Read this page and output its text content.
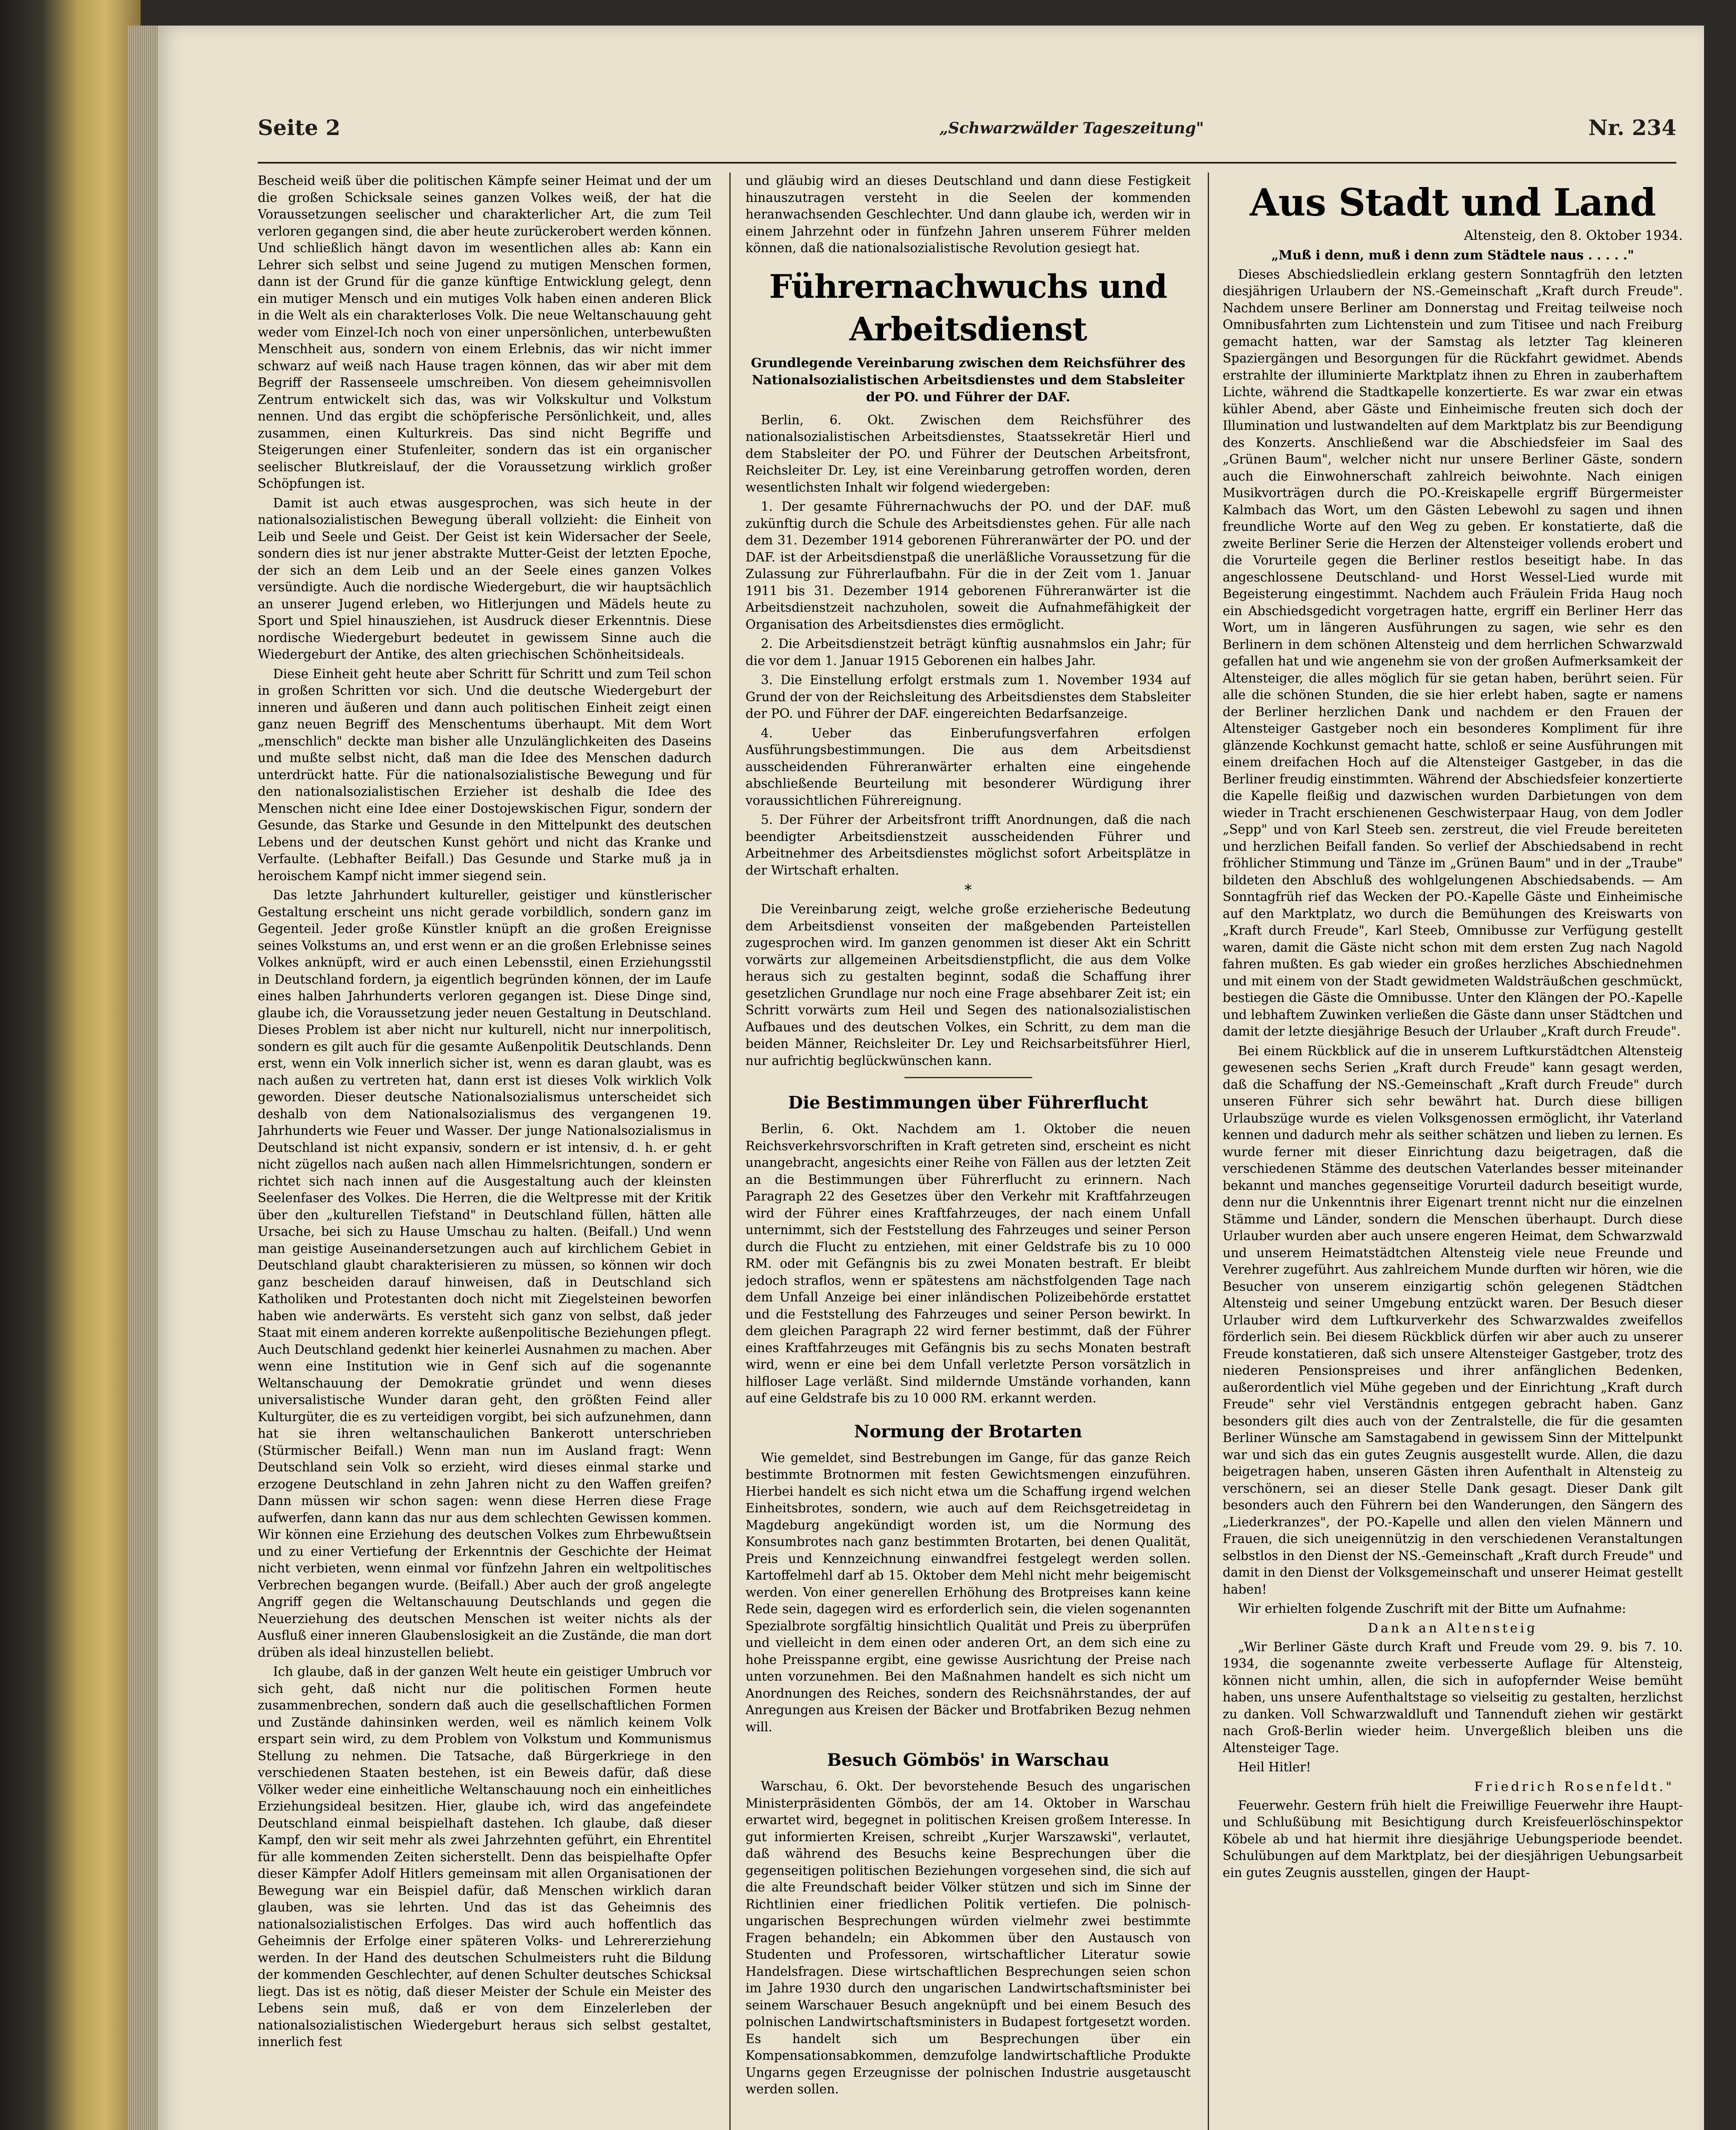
Seite 2	„Schwarzwälder Tageszeitung"	Nr. 234

Bescheid weiß über die politischen Kämpfe seiner Heimat und der um die großen Schicksale seines ganzen Volkes weiß, der hat die Voraussetzungen seelischer und charakterlicher Art, die zum Teil verloren gegangen sind, die aber heute zurückerobert werden können. Und schließlich hängt davon im wesentlichen alles ab: Kann ein Lehrer sich selbst und seine Jugend zu mutigen Menschen formen, dann ist der Grund für die ganze künftige Entwicklung gelegt, denn ein mutiger Mensch und ein mutiges Volk haben einen anderen Blick in die Welt als ein charakterloses Volk. Die neue Weltanschauung geht weder vom Einzel-Ich noch von einer unpersönlichen, unterbewußten Menschheit aus, sondern von einem Erlebnis, das wir nicht immer schwarz auf weiß nach Hause tragen können, das wir aber mit dem Begriff der Rassenseele umschreiben. Von diesem geheimnisvollen Zentrum entwickelt sich das, was wir Volkskultur und Volkstum nennen. Und das ergibt die schöpferische Persönlichkeit, und, alles zusammen, einen Kulturkreis. Das sind nicht Begriffe und Steigerungen einer Stufenleiter, sondern das ist ein organischer seelischer Blutkreislauf, der die Voraussetzung wirklich großer Schöpfungen ist.

Damit ist auch etwas ausgesprochen, was sich heute in der nationalsozialistischen Bewegung überall vollzieht: die Einheit von Leib und Seele und Geist. Der Geist ist kein Widersacher der Seele, sondern dies ist nur jener abstrakte Mutter-Geist der letzten Epoche, der sich an dem Leib und an der Seele eines ganzen Volkes versündigte. Auch die nordische Wiedergeburt, die wir hauptsächlich an unserer Jugend erleben, wo Hitlerjungen und Mädels heute zu Sport und Spiel hinausziehen, ist Ausdruck dieser Erkenntnis. Diese nordische Wiedergeburt bedeutet in gewissem Sinne auch die Wiedergeburt der Antike, des alten griechischen Schönheitsideals.

Diese Einheit geht heute aber Schritt für Schritt und zum Teil schon in großen Schritten vor sich. Und die deutsche Wiedergeburt der inneren und äußeren und dann auch politischen Einheit zeigt einen ganz neuen Begriff des Menschentums überhaupt. Mit dem Wort „menschlich" deckte man bisher alle Unzulänglichkeiten des Daseins und mußte selbst nicht, daß man die Idee des Menschen dadurch unterdrückt hatte. Für die nationalsozialistische Bewegung und für den nationalsozialistischen Erzieher ist deshalb die Idee des Menschen nicht eine Idee einer Dostojewskischen Figur, sondern der Gesunde, das Starke und Gesunde in den Mittelpunkt des deutschen Lebens und der deutschen Kunst gehört und nicht das Kranke und Verfaulte. (Lebhafter Beifall.) Das Gesunde und Starke muß ja in heroischem Kampf nicht immer siegend sein.

Das letzte Jahrhundert kultureller, geistiger und künstlerischer Gestaltung erscheint uns nicht gerade vorbildlich, sondern ganz im Gegenteil. Jeder große Künstler knüpft an die großen Ereignisse seines Volkstums an, und erst wenn er an die großen Erlebnisse seines Volkes anknüpft, wird er auch einen Lebensstil, einen Erziehungsstil in Deutschland fordern, ja eigentlich begründen können, der im Laufe eines halben Jahrhunderts verloren gegangen ist. Diese Dinge sind, glaube ich, die Voraussetzung jeder neuen Gestaltung in Deutschland. Dieses Problem ist aber nicht nur kulturell, nicht nur innerpolitisch, sondern es gilt auch für die gesamte Außenpolitik Deutschlands. Denn erst, wenn ein Volk innerlich sicher ist, wenn es daran glaubt, was es nach außen zu vertreten hat, dann erst ist dieses Volk wirklich Volk geworden. Dieser deutsche Nationalsozialismus unterscheidet sich deshalb von dem Nationalsozialismus des vergangenen 19. Jahrhunderts wie Feuer und Wasser. Der junge Nationalsozialismus in Deutschland ist nicht expansiv, sondern er ist intensiv, d. h. er geht nicht zügellos nach außen nach allen Himmelsrichtungen, sondern er richtet sich nach innen auf die Ausgestaltung auch der kleinsten Seelenfaser des Volkes. Die Herren, die die Weltpresse mit der Kritik über den „kulturellen Tiefstand" in Deutschland füllen, hätten alle Ursache, bei sich zu Hause Umschau zu halten. (Beifall.) Und wenn man geistige Auseinandersetzungen auch auf kirchlichem Gebiet in Deutschland glaubt charakterisieren zu müssen, so können wir doch ganz bescheiden darauf hinweisen, daß in Deutschland sich Katholiken und Protestanten doch nicht mit Ziegelsteinen beworfen haben wie anderwärts. Es versteht sich ganz von selbst, daß jeder Staat mit einem anderen korrekte außenpolitische Beziehungen pflegt. Auch Deutschland gedenkt hier keinerlei Ausnahmen zu machen. Aber wenn eine Institution wie in Genf sich auf die sogenannte Weltanschauung der Demokratie gründet und wenn dieses universalistische Wunder daran geht, den größten Feind aller Kulturgüter, die es zu verteidigen vorgibt, bei sich aufzunehmen, dann hat sie ihren weltanschaulichen Bankerott unterschrieben (Stürmischer Beifall.) Wenn man nun im Ausland fragt: Wenn Deutschland sein Volk so erzieht, wird dieses einmal starke und erzogene Deutschland in zehn Jahren nicht zu den Waffen greifen? Dann müssen wir schon sagen: wenn diese Herren diese Frage aufwerfen, dann kann das nur aus dem schlechten Gewissen kommen. Wir können eine Erziehung des deutschen Volkes zum Ehrbewußtsein und zu einer Vertiefung der Erkenntnis der Geschichte der Heimat nicht verbieten, wenn einmal vor fünfzehn Jahren ein weltpolitisches Verbrechen begangen wurde. (Beifall.) Aber auch der groß angelegte Angriff gegen die Weltanschauung Deutschlands und gegen die Neuerziehung des deutschen Menschen ist weiter nichts als der Ausfluß einer inneren Glaubenslosigkeit an die Zustände, die man dort drüben als ideal hinzustellen beliebt.

Ich glaube, daß in der ganzen Welt heute ein geistiger Umbruch vor sich geht, daß nicht nur die politischen Formen heute zusammenbrechen, sondern daß auch die gesellschaftlichen Formen und Zustände dahinsinken werden, weil es nämlich keinem Volk erspart sein wird, zu dem Problem von Volkstum und Kommunismus Stellung zu nehmen. Die Tatsache, daß Bürgerkriege in den verschiedenen Staaten bestehen, ist ein Beweis dafür, daß diese Völker weder eine einheitliche Weltanschauung noch ein einheitliches Erziehungsideal besitzen. Hier, glaube ich, wird das angefeindete Deutschland einmal beispielhaft dastehen. Ich glaube, daß dieser Kampf, den wir seit mehr als zwei Jahrzehnten geführt, ein Ehrentitel für alle kommenden Zeiten sicherstellt. Denn das beispielhafte Opfer dieser Kämpfer Adolf Hitlers gemeinsam mit allen Organisationen der Bewegung war ein Beispiel dafür, daß Menschen wirklich daran glauben, was sie lehrten. Und das ist das Geheimnis des nationalsozialistischen Erfolges. Das wird auch hoffentlich das Geheimnis der Erfolge einer späteren Volks- und Lehrererziehung werden. In der Hand des deutschen Schulmeisters ruht die Bildung der kommenden Geschlechter, auf denen Schulter deutsches Schicksal liegt. Das ist es nötig, daß dieser Meister der Schule ein Meister des Lebens sein muß, daß er von dem Einzelerleben der nationalsozialistischen Wiedergeburt heraus sich selbst gestaltet, innerlich fest

und gläubig wird an dieses Deutschland und dann diese Festigkeit hinauszutragen versteht in die Seelen der kommenden heranwachsenden Geschlechter. Und dann glaube ich, werden wir in einem Jahrzehnt oder in fünfzehn Jahren unserem Führer melden können, daß die nationalsozialistische Revolution gesiegt hat.

Führernachwuchs und Arbeitsdienst
Grundlegende Vereinbarung zwischen dem Reichsführer des Nationalsozialistischen Arbeitsdienstes und dem Stabsleiter der PO. und Führer der DAF.

Berlin, 6. Okt. Zwischen dem Reichsführer des nationalsozialistischen Arbeitsdienstes, Staatssekretär Hierl und dem Stabsleiter der PO. und Führer der Deutschen Arbeitsfront, Reichsleiter Dr. Ley, ist eine Vereinbarung getroffen worden, deren wesentlichsten Inhalt wir folgend wiedergeben:

1. Der gesamte Führernachwuchs der PO. und der DAF. muß zukünftig durch die Schule des Arbeitsdienstes gehen. Für alle nach dem 31. Dezember 1914 geborenen Führeranwärter der PO. und der DAF. ist der Arbeitsdienstpaß die unerläßliche Voraussetzung für die Zulassung zur Führerlaufbahn. Für die in der Zeit vom 1. Januar 1911 bis 31. Dezember 1914 geborenen Führeranwärter ist die Arbeitsdienstzeit nachzuholen, soweit die Aufnahmefähigkeit der Organisation des Arbeitsdienstes dies ermöglicht.

2. Die Arbeitsdienstzeit beträgt künftig ausnahmslos ein Jahr; für die vor dem 1. Januar 1915 Geborenen ein halbes Jahr.

3. Die Einstellung erfolgt erstmals zum 1. November 1934 auf Grund der von der Reichsleitung des Arbeitsdienstes dem Stabsleiter der PO. und Führer der DAF. eingereichten Bedarfsanzeige.

4. Ueber das Einberufungsverfahren erfolgen Ausführungsbestimmungen. Die aus dem Arbeitsdienst ausscheidenden Führeranwärter erhalten eine eingehende abschließende Beurteilung mit besonderer Würdigung ihrer voraussichtlichen Führereignung.

5. Der Führer der Arbeitsfront trifft Anordnungen, daß die nach beendigter Arbeitsdienstzeit ausscheidenden Führer und Arbeitnehmer des Arbeitsdienstes möglichst sofort Arbeitsplätze in der Wirtschaft erhalten.

*

Die Vereinbarung zeigt, welche große erzieherische Bedeutung dem Arbeitsdienst vonseiten der maßgebenden Parteistellen zugesprochen wird. Im ganzen genommen ist dieser Akt ein Schritt vorwärts zur allgemeinen Arbeitsdienstpflicht, die aus dem Volke heraus sich zu gestalten beginnt, sodaß die Schaffung ihrer gesetzlichen Grundlage nur noch eine Frage absehbarer Zeit ist; ein Schritt vorwärts zum Heil und Segen des nationalsozialistischen Aufbaues und des deutschen Volkes, ein Schritt, zu dem man die beiden Männer, Reichsleiter Dr. Ley und Reichsarbeitsführer Hierl, nur aufrichtig beglückwünschen kann.

Die Bestimmungen über Führerflucht

Berlin, 6. Okt. Nachdem am 1. Oktober die neuen Reichsverkehrsvorschriften in Kraft getreten sind, erscheint es nicht unangebracht, angesichts einer Reihe von Fällen aus der letzten Zeit an die Bestimmungen über Führerflucht zu erinnern. Nach Paragraph 22 des Gesetzes über den Verkehr mit Kraftfahrzeugen wird der Führer eines Kraftfahrzeuges, der nach einem Unfall unternimmt, sich der Feststellung des Fahrzeuges und seiner Person durch die Flucht zu entziehen, mit einer Geldstrafe bis zu 10 000 RM. oder mit Gefängnis bis zu zwei Monaten bestraft. Er bleibt jedoch straflos, wenn er spätestens am nächstfolgenden Tage nach dem Unfall Anzeige bei einer inländischen Polizeibehörde erstattet und die Feststellung des Fahrzeuges und seiner Person bewirkt. In dem gleichen Paragraph 22 wird ferner bestimmt, daß der Führer eines Kraftfahrzeuges mit Gefängnis bis zu sechs Monaten bestraft wird, wenn er eine bei dem Unfall verletzte Person vorsätzlich in hilfloser Lage verläßt. Sind mildernde Umstände vorhanden, kann auf eine Geldstrafe bis zu 10 000 RM. erkannt werden.

Normung der Brotarten

Wie gemeldet, sind Bestrebungen im Gange, für das ganze Reich bestimmte Brotnormen mit festen Gewichtsmengen einzuführen. Hierbei handelt es sich nicht etwa um die Schaffung irgend welchen Einheitsbrotes, sondern, wie auch auf dem Reichsgetreidetag in Magdeburg angekündigt worden ist, um die Normung des Konsumbrotes nach ganz bestimmten Brotarten, bei denen Qualität, Preis und Kennzeichnung einwandfrei festgelegt werden sollen. Kartoffelmehl darf ab 15. Oktober dem Mehl nicht mehr beigemischt werden. Von einer generellen Erhöhung des Brotpreises kann keine Rede sein, dagegen wird es erforderlich sein, die vielen sogenannten Spezialbrote sorgfältig hinsichtlich Qualität und Preis zu überprüfen und vielleicht in dem einen oder anderen Ort, an dem sich eine zu hohe Preisspanne ergibt, eine gewisse Ausrichtung der Preise nach unten vorzunehmen. Bei den Maßnahmen handelt es sich nicht um Anordnungen des Reiches, sondern des Reichsnährstandes, der auf Anregungen aus Kreisen der Bäcker und Brotfabriken Bezug nehmen will.

Besuch Gömbös' in Warschau

Warschau, 6. Okt. Der bevorstehende Besuch des ungarischen Ministerpräsidenten Gömbös, der am 14. Oktober in Warschau erwartet wird, begegnet in politischen Kreisen großem Interesse. In gut informierten Kreisen, schreibt „Kurjer Warszawski", verlautet, daß während des Besuchs keine Besprechungen über die gegenseitigen politischen Beziehungen vorgesehen sind, die sich auf die alte Freundschaft beider Völker stützen und sich im Sinne der Richtlinien einer friedlichen Politik vertiefen. Die polnisch-ungarischen Besprechungen würden vielmehr zwei bestimmte Fragen behandeln; ein Abkommen über den Austausch von Studenten und Professoren, wirtschaftlicher Literatur sowie Handelsfragen. Diese wirtschaftlichen Besprechungen seien schon im Jahre 1930 durch den ungarischen Landwirtschaftsminister bei seinem Warschauer Besuch angeknüpft und bei einem Besuch des polnischen Landwirtschaftsministers in Budapest fortgesetzt worden. Es handelt sich um Besprechungen über ein Kompensationsabkommen, demzufolge landwirtschaftliche Produkte Ungarns gegen Erzeugnisse der polnischen Industrie ausgetauscht werden sollen.

Aus Stadt und Land
Altensteig, den 8. Oktober 1934.

„Muß i denn, muß i denn zum Städtele naus . . . . ."

Dieses Abschiedsliedlein erklang gestern Sonntagfrüh den letzten diesjährigen Urlaubern der NS.-Gemeinschaft „Kraft durch Freude". Nachdem unsere Berliner am Donnerstag und Freitag teilweise noch Omnibusfahrten zum Lichtenstein und zum Titisee und nach Freiburg gemacht hatten, war der Samstag als letzter Tag kleineren Spaziergängen und Besorgungen für die Rückfahrt gewidmet. Abends erstrahlte der illuminierte Marktplatz ihnen zu Ehren in zauberhaftem Lichte, während die Stadtkapelle konzertierte. Es war zwar ein etwas kühler Abend, aber Gäste und Einheimische freuten sich doch der Illumination und lustwandelten auf dem Marktplatz bis zur Beendigung des Konzerts. Anschließend war die Abschiedsfeier im Saal des „Grünen Baum", welcher nicht nur unsere Berliner Gäste, sondern auch die Einwohnerschaft zahlreich beiwohnte. Nach einigen Musikvorträgen durch die PO.-Kreiskapelle ergriff Bürgermeister Kalmbach das Wort, um den Gästen Lebewohl zu sagen und ihnen freundliche Worte auf den Weg zu geben. Er konstatierte, daß die zweite Berliner Serie die Herzen der Altensteiger vollends erobert und die Vorurteile gegen die Berliner restlos beseitigt habe. In das angeschlossene Deutschland- und Horst Wessel-Lied wurde mit Begeisterung eingestimmt. Nachdem auch Fräulein Frida Haug noch ein Abschiedsgedicht vorgetragen hatte, ergriff ein Berliner Herr das Wort, um in längeren Ausführungen zu sagen, wie sehr es den Berlinern in dem schönen Altensteig und dem herrlichen Schwarzwald gefallen hat und wie angenehm sie von der großen Aufmerksamkeit der Altensteiger, die alles möglich für sie getan haben, berührt seien. Für alle die schönen Stunden, die sie hier erlebt haben, sagte er namens der Berliner herzlichen Dank und nachdem er den Frauen der Altensteiger Gastgeber noch ein besonderes Kompliment für ihre glänzende Kochkunst gemacht hatte, schloß er seine Ausführungen mit einem dreifachen Hoch auf die Altensteiger Gastgeber, in das die Berliner freudig einstimmten. Während der Abschiedsfeier konzertierte die Kapelle fleißig und dazwischen wurden Darbietungen von dem wieder in Tracht erschienenen Geschwisterpaar Haug, von dem Jodler „Sepp" und von Karl Steeb sen. zerstreut, die viel Freude bereiteten und herzlichen Beifall fanden. So verlief der Abschiedsabend in recht fröhlicher Stimmung und Tänze im „Grünen Baum" und in der „Traube" bildeten den Abschluß des wohlgelungenen Abschiedsabends. — Am Sonntagfrüh rief das Wecken der PO.-Kapelle Gäste und Einheimische auf den Marktplatz, wo durch die Bemühungen des Kreiswarts von „Kraft durch Freude", Karl Steeb, Omnibusse zur Verfügung gestellt waren, damit die Gäste nicht schon mit dem ersten Zug nach Nagold fahren mußten. Es gab wieder ein großes herzliches Abschiednehmen und mit einem von der Stadt gewidmeten Waldsträußchen geschmückt, bestiegen die Gäste die Omnibusse. Unter den Klängen der PO.-Kapelle und lebhaftem Zuwinken verließen die Gäste dann unser Städtchen und damit der letzte diesjährige Besuch der Urlauber „Kraft durch Freude".

Bei einem Rückblick auf die in unserem Luftkurstädtchen Altensteig gewesenen sechs Serien „Kraft durch Freude" kann gesagt werden, daß die Schaffung der NS.-Gemeinschaft „Kraft durch Freude" durch unseren Führer sich sehr bewährt hat. Durch diese billigen Urlaubszüge wurde es vielen Volksgenossen ermöglicht, ihr Vaterland kennen und dadurch mehr als seither schätzen und lieben zu lernen. Es wurde ferner mit dieser Einrichtung dazu beigetragen, daß die verschiedenen Stämme des deutschen Vaterlandes besser miteinander bekannt und manches gegenseitige Vorurteil dadurch beseitigt wurde, denn nur die Unkenntnis ihrer Eigenart trennt nicht nur die einzelnen Stämme und Länder, sondern die Menschen überhaupt. Durch diese Urlauber wurden aber auch unsere engeren Heimat, dem Schwarzwald und unserem Heimatstädtchen Altensteig viele neue Freunde und Verehrer zugeführt. Aus zahlreichem Munde durften wir hören, wie die Besucher von unserem einzigartig schön gelegenen Städtchen Altensteig und seiner Umgebung entzückt waren. Der Besuch dieser Urlauber wird dem Luftkurverkehr des Schwarzwaldes zweifellos förderlich sein. Bei diesem Rückblick dürfen wir aber auch zu unserer Freude konstatieren, daß sich unsere Altensteiger Gastgeber, trotz des niederen Pensionspreises und ihrer anfänglichen Bedenken, außerordentlich viel Mühe gegeben und der Einrichtung „Kraft durch Freude" sehr viel Verständnis entgegen gebracht haben. Ganz besonders gilt dies auch von der Zentralstelle, die für die gesamten Berliner Wünsche am Samstagabend in gewissem Sinn der Mittelpunkt war und sich das ein gutes Zeugnis ausgestellt wurde. Allen, die dazu beigetragen haben, unseren Gästen ihren Aufenthalt in Altensteig zu verschönern, sei an dieser Stelle Dank gesagt. Dieser Dank gilt besonders auch den Führern bei den Wanderungen, den Sängern des „Liederkranzes", der PO.-Kapelle und allen den vielen Männern und Frauen, die sich uneigennützig in den verschiedenen Veranstaltungen selbstlos in den Dienst der NS.-Gemeinschaft „Kraft durch Freude" und damit in den Dienst der Volksgemeinschaft und unserer Heimat gestellt haben!

Wir erhielten folgende Zuschrift mit der Bitte um Aufnahme:

Dank an Altensteig

„Wir Berliner Gäste durch Kraft und Freude vom 29. 9. bis 7. 10. 1934, die sogenannte zweite verbesserte Auflage für Altensteig, können nicht umhin, allen, die sich in aufopfernder Weise bemüht haben, uns unsere Aufenthaltstage so vielseitig zu gestalten, herzlichst zu danken. Voll Schwarzwaldluft und Tannenduft ziehen wir gestärkt nach Groß-Berlin wieder heim. Unvergeßlich bleiben uns die Altensteiger Tage.

Heil Hitler!

Friedrich Rosenfeldt."

Feuerwehr. Gestern früh hielt die Freiwillige Feuerwehr ihre Haupt- und Schlußübung mit Besichtigung durch Kreisfeuerlöschinspektor Köbele ab und hat hiermit ihre diesjährige Uebungsperiode beendet. Schulübungen auf dem Marktplatz, bei der diesjährigen Uebungsarbeit ein gutes Zeugnis ausstellen, gingen der Haupt-
